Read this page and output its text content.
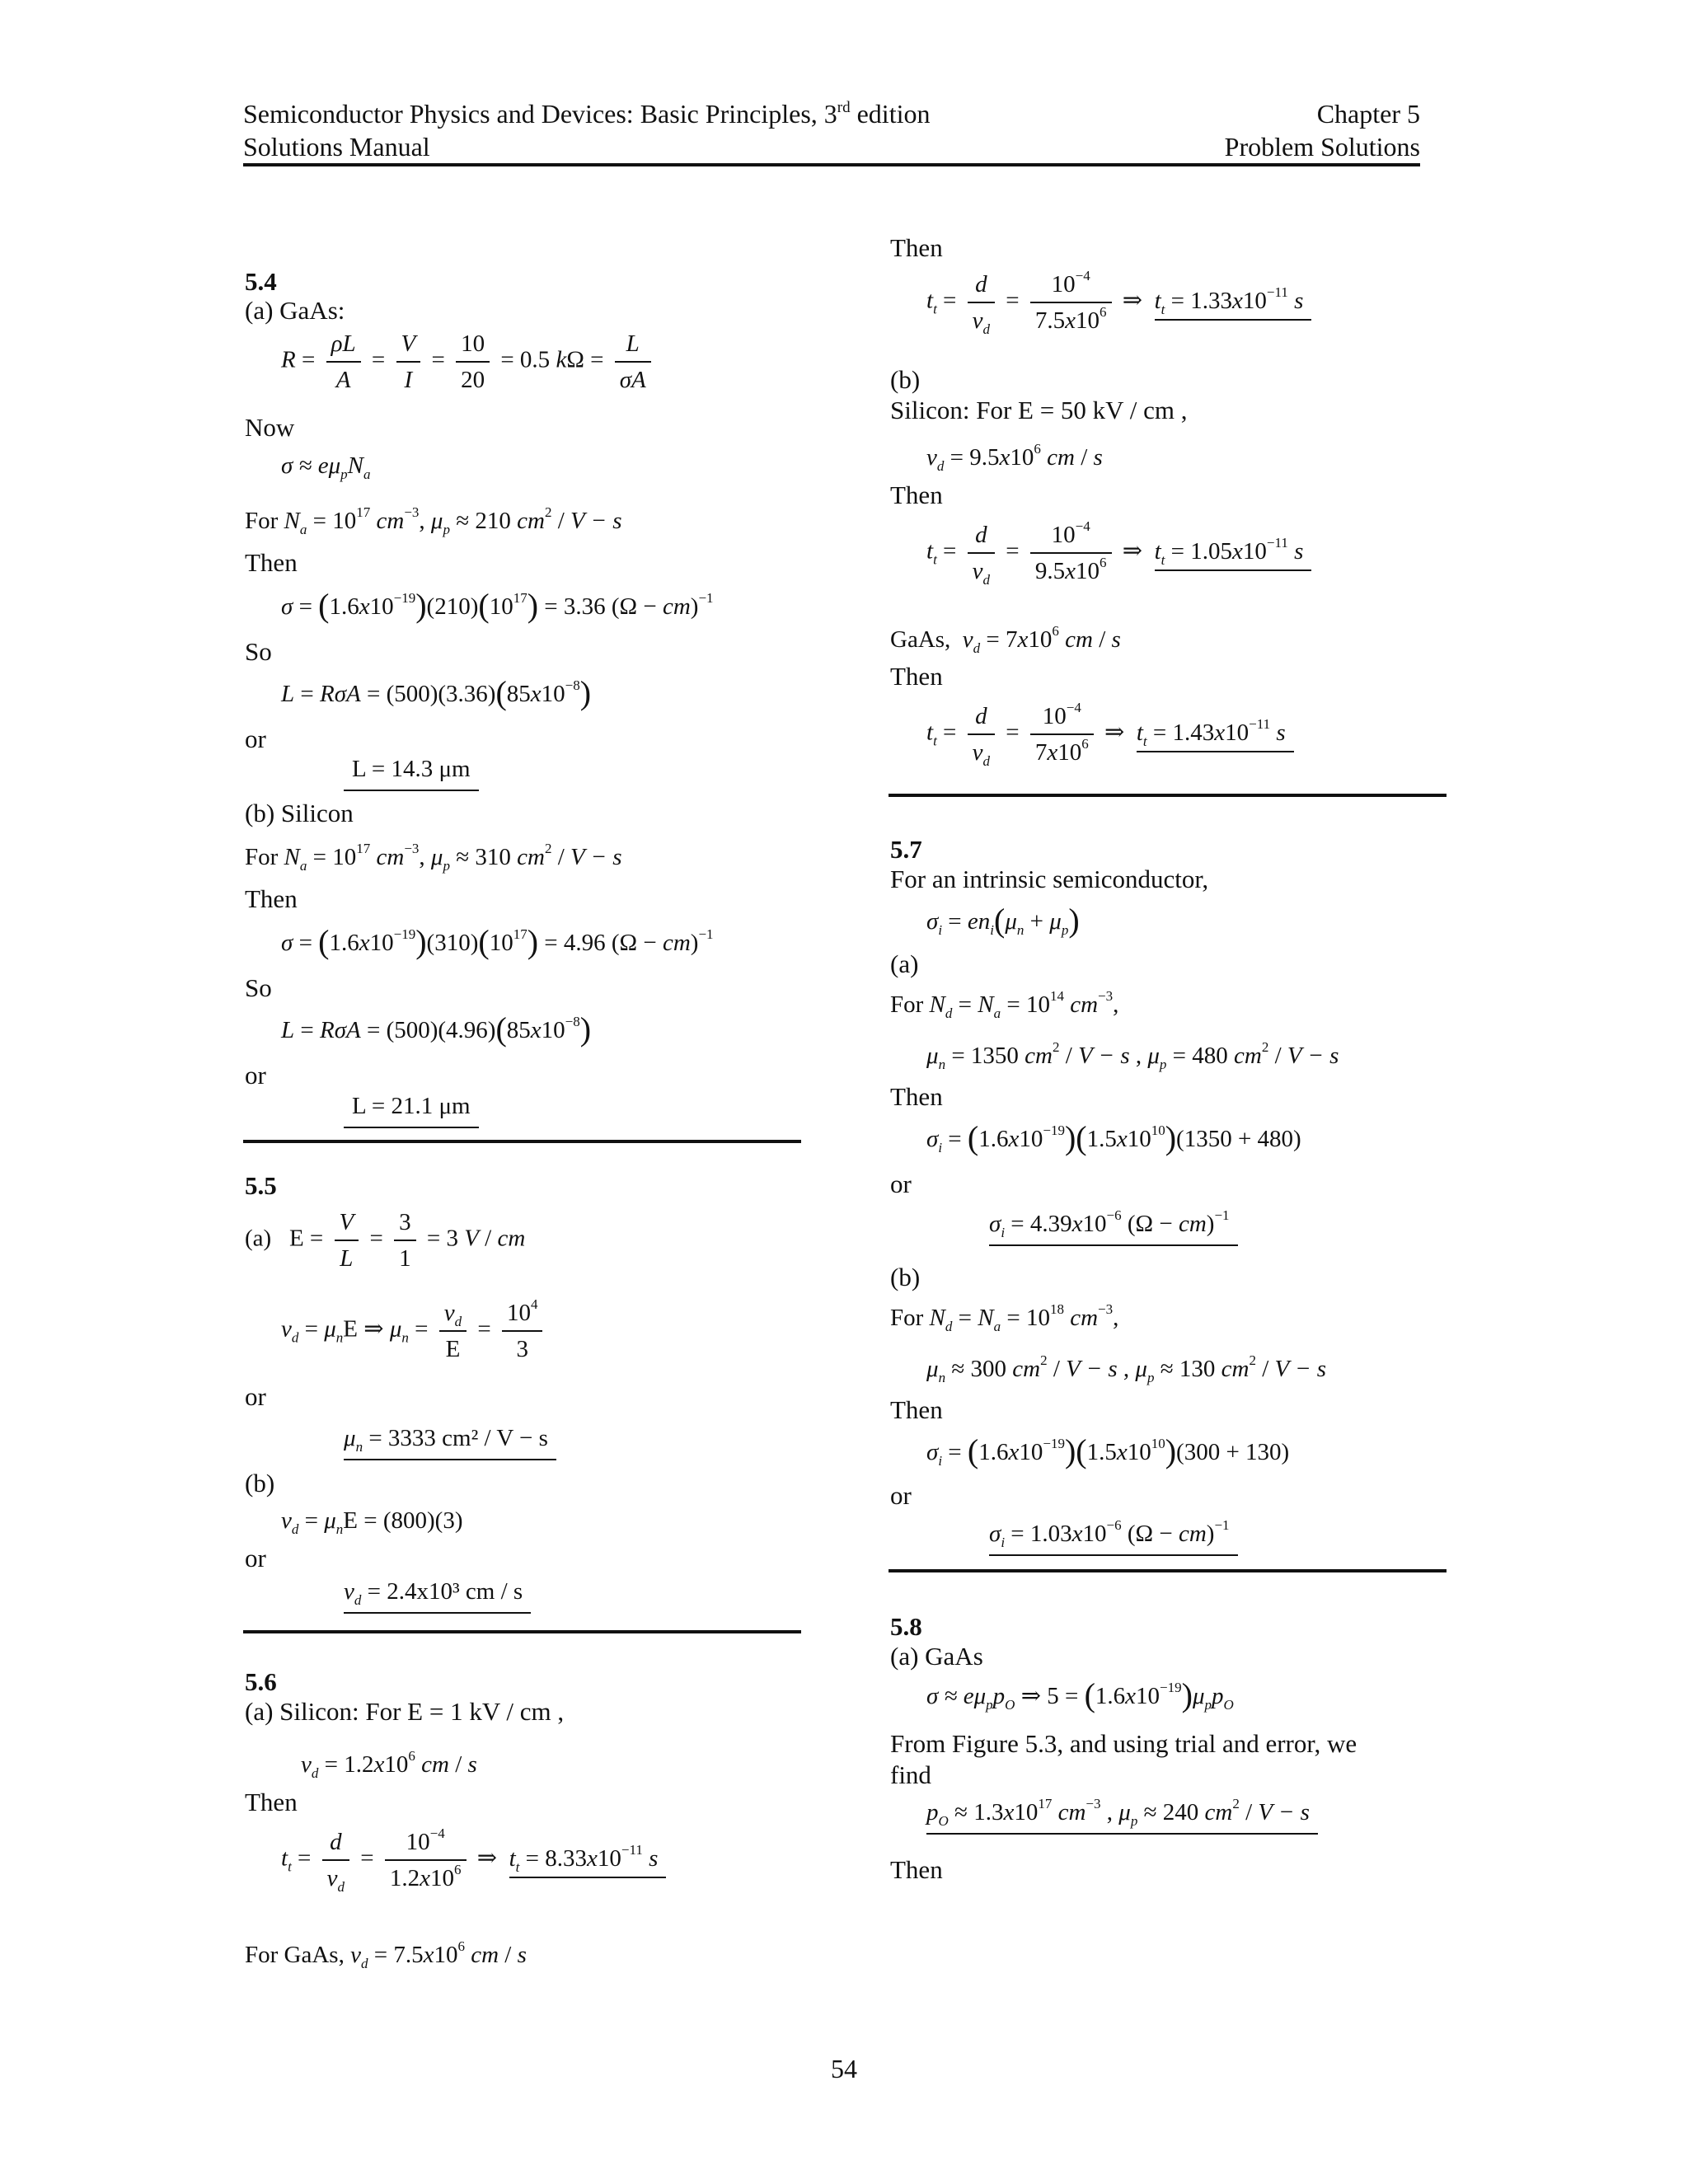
Semiconductor Physics and Devices: Basic Principles, 3rd edition
Solutions Manual
Chapter 5
Problem Solutions
5.4
(a) GaAs:
$R = \frac{\rho L}{A} = \frac{V}{I} = \frac{10}{20} = 0.5$ $k\Omega = \frac{L}{\sigma A}$
Now
$\sigma \approx e\mu_pN_a$
For $N_a = 10^{17}$ $cm^{-3}$, $\mu_p \approx 210$ $cm^2 / V - s$
Then
$\sigma = (1.6x10^{-19})(210)(10^{17}) = 3.36$ (Ω − cm)$^{-1}$
So
$L = R\sigma A = (500)(3.36)(85x10^{-8})$
or
L = 14.3 μm
(b) Silicon
For $N_a = 10^{17}$ $cm^{-3}$, $\mu_p \approx 310$ $cm^2 / V - s$
Then
$\sigma = (1.6x10^{-19})(310)(10^{17}) = 4.96$ (Ω − cm)$^{-1}$
So
$L = R\sigma A = (500)(4.96)(85x10^{-8})$
or
L = 21.1 μm
5.5
(a)   $E = \frac{V}{L} = \frac{3}{1} = 3$ V / cm
$v_d = \mu_nE$ ⇒ $\mu_n = \frac{v_d}{E} = \frac{10^4}{3}$
or
$\mu_n = 3333$ cm² / V − s
(b)
$v_d = \mu_nE = (800)(3)$
or
$v_d = 2.4x10^3$ cm / s
5.6
(a) Silicon: For E = 1 kV / cm ,
$v_d = 1.2x10^6$ cm / s
Then
$t_t = \frac{d}{v_d} = \frac{10^{-4}}{1.2x10^6}$ ⇒  $t_t = 8.33x10^{-11}$ s
For GaAs, $v_d = 7.5x10^6$ cm / s
Then
$t_t = \frac{d}{v_d} = \frac{10^{-4}}{7.5x10^6}$ ⇒  $t_t = 1.33x10^{-11}$ s
(b)
Silicon: For E = 50 kV / cm ,
$v_d = 9.5x10^6$ cm / s
Then
$t_t = \frac{d}{v_d} = \frac{10^{-4}}{9.5x10^6}$ ⇒  $t_t = 1.05x10^{-11}$ s
GaAs, $v_d = 7x10^6$ cm / s
Then
$t_t = \frac{d}{v_d} = \frac{10^{-4}}{7x10^6}$ ⇒  $t_t = 1.43x10^{-11}$ s
5.7
For an intrinsic semiconductor,
$\sigma_i = en_i(\mu_n + \mu_p)$
(a)
For $N_d = N_a = 10^{14}$ $cm^{-3}$,
$\mu_n = 1350$ $cm^2 / V - s$ , $\mu_p = 480$ $cm^2 / V - s$
Then
$\sigma_i = (1.6x10^{-19})(1.5x10^{10})(1350 + 480)$
or
$\sigma_i = 4.39x10^{-6}$ (Ω − cm)$^{-1}$
(b)
For $N_d = N_a = 10^{18}$ $cm^{-3}$,
$\mu_n \approx 300$ $cm^2 / V - s$ , $\mu_p \approx 130$ $cm^2 / V - s$
Then
$\sigma_i = (1.6x10^{-19})(1.5x10^{10})(300 + 130)$
or
$\sigma_i = 1.03x10^{-6}$ (Ω − cm)$^{-1}$
5.8
(a) GaAs
$\sigma \approx e\mu_pp_O$ ⇒ $5 = (1.6x10^{-19})\mu_pp_O$
From Figure 5.3, and using trial and error, we
find
$p_O \approx 1.3x10^{17}$ $cm^{-3}$ , $\mu_p \approx 240$ $cm^2 / V - s$
Then
54
